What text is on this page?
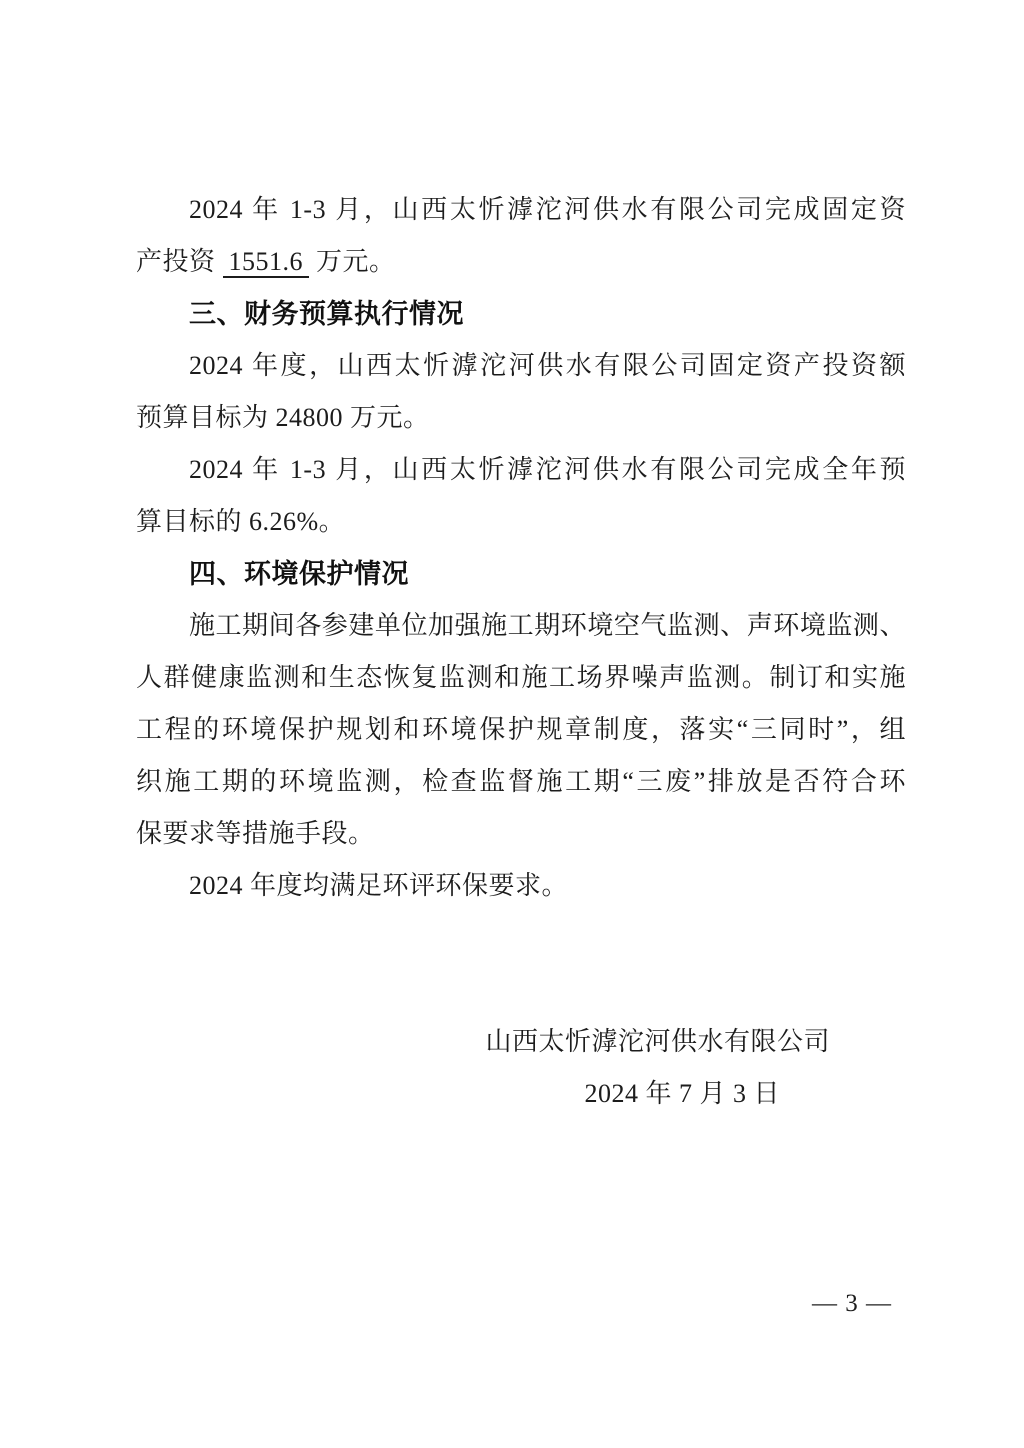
2024 年 1-3 月，山西太忻滹沱河供水有限公司完成固定资

产投资 1551.6 万元。

三、财务预算执行情况

2024 年度，山西太忻滹沱河供水有限公司固定资产投资额

预算目标为 24800 万元。

2024 年 1-3 月，山西太忻滹沱河供水有限公司完成全年预

算目标的 6.26%。

四、环境保护情况

施工期间各参建单位加强施工期环境空气监测、声环境监测、

人群健康监测和生态恢复监测和施工场界噪声监测。制订和实施

工程的环境保护规划和环境保护规章制度，落实“三同时”，组

织施工期的环境监测，检查监督施工期“三废”排放是否符合环

保要求等措施手段。

2024 年度均满足环评环保要求。

山西太忻滹沱河供水有限公司

2024 年 7 月 3 日

— 3 —
